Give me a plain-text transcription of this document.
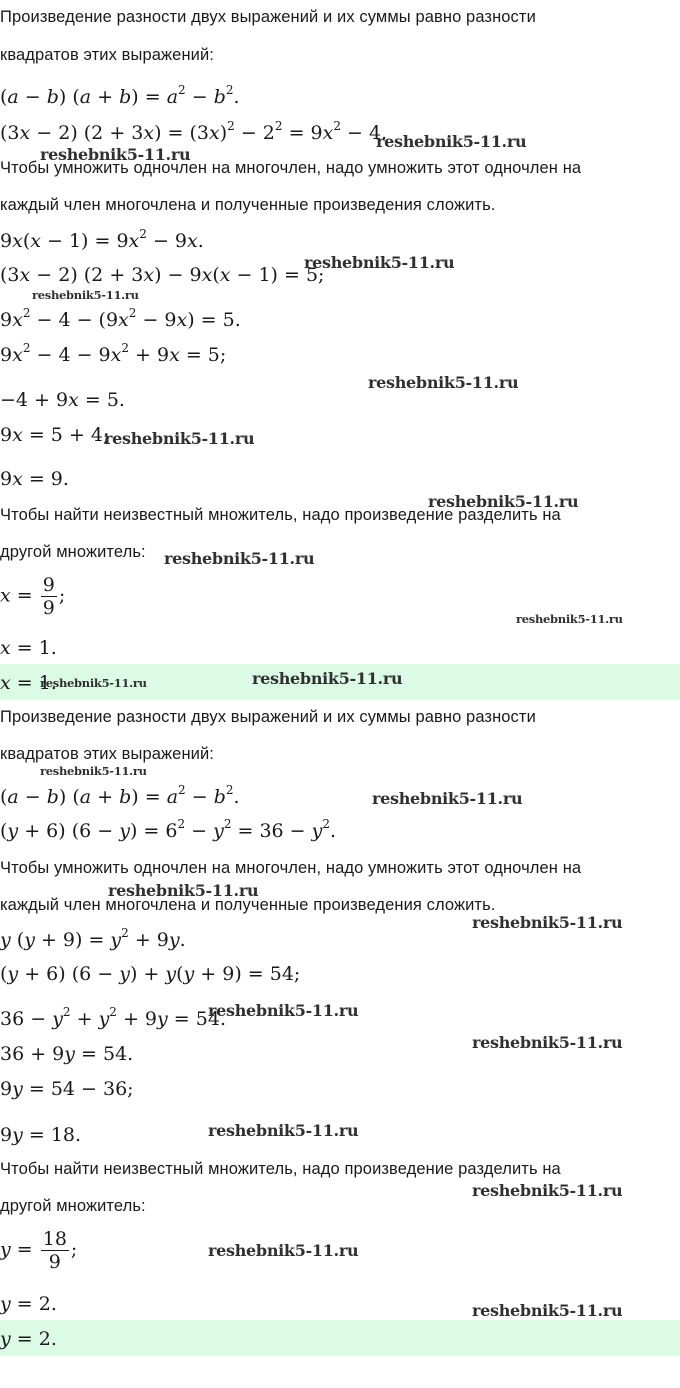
Произведение разности двух выражений и их суммы равно разности
квадратов этих выражений:
(a − b) $(a + b) = a^2 - b^2$.
(3x − 2) $(2 + 3x) = (3x)^2 - 2^2 = 9x^2 - 4$.
Чтобы умножить одночлен на многочлен, надо умножить этот одночлен на
каждый член многочлена и полученные произведения сложить.
$9x(x - 1) = 9x^2 - 9x$.
(3x − 2) (2 + 3x) − 9x(x − 1) = 5;
$9x^2 - 4 - (9x^2 - 9x) = 5$.
$9x^2 - 4 - 9x^2 + 9x = 5$;
−4 + 9x = 5.
9x = 5 + 4;
9x = 9.
Чтобы найти неизвестный множитель, надо произведение разделить на
другой множитель:
$x = \frac{9}{9}$ ;
x = 1.
x = 1.
Произведение разности двух выражений и их суммы равно разности
квадратов этих выражений:
(a − b) $(a + b) = a^2 - b^2$.
(y + 6) $(6 - y) = 6^2 - y^2 = 36 - y^2$.
Чтобы умножить одночлен на многочлен, надо умножить этот одночлен на
каждый член многочлена и полученные произведения сложить.
y $(y + 9) = y^2 + 9y$.
(y + 6) (6 − y) + y(y + 9) = 54;
$36 - y^2 + y^2 + 9y = 54$.
36 + 9y = 54.
9y = 54 − 36;
9y = 18.
Чтобы найти неизвестный множитель, надо произведение разделить на
другой множитель:
$y = \frac{18}{9}$ ;
y = 2.
y = 2.
reshebnik5-11.ru
reshebnik5-11.ru
reshebnik5-11.ru
reshebnik5-11.ru
reshebnik5-11.ru
reshebnik5-11.ru
reshebnik5-11.ru
reshebnik5-11.ru
reshebnik5-11.ru
reshebnik5-11.ru	reshebnik5-11.ru
reshebnik5-11.ru
reshebnik5-11.ru
reshebnik5-11.ru
reshebnik5-11.ru
reshebnik5-11.ru
reshebnik5-11.ru
reshebnik5-11.ru
reshebnik5-11.ru
reshebnik5-11.ru
reshebnik5-11.ru
